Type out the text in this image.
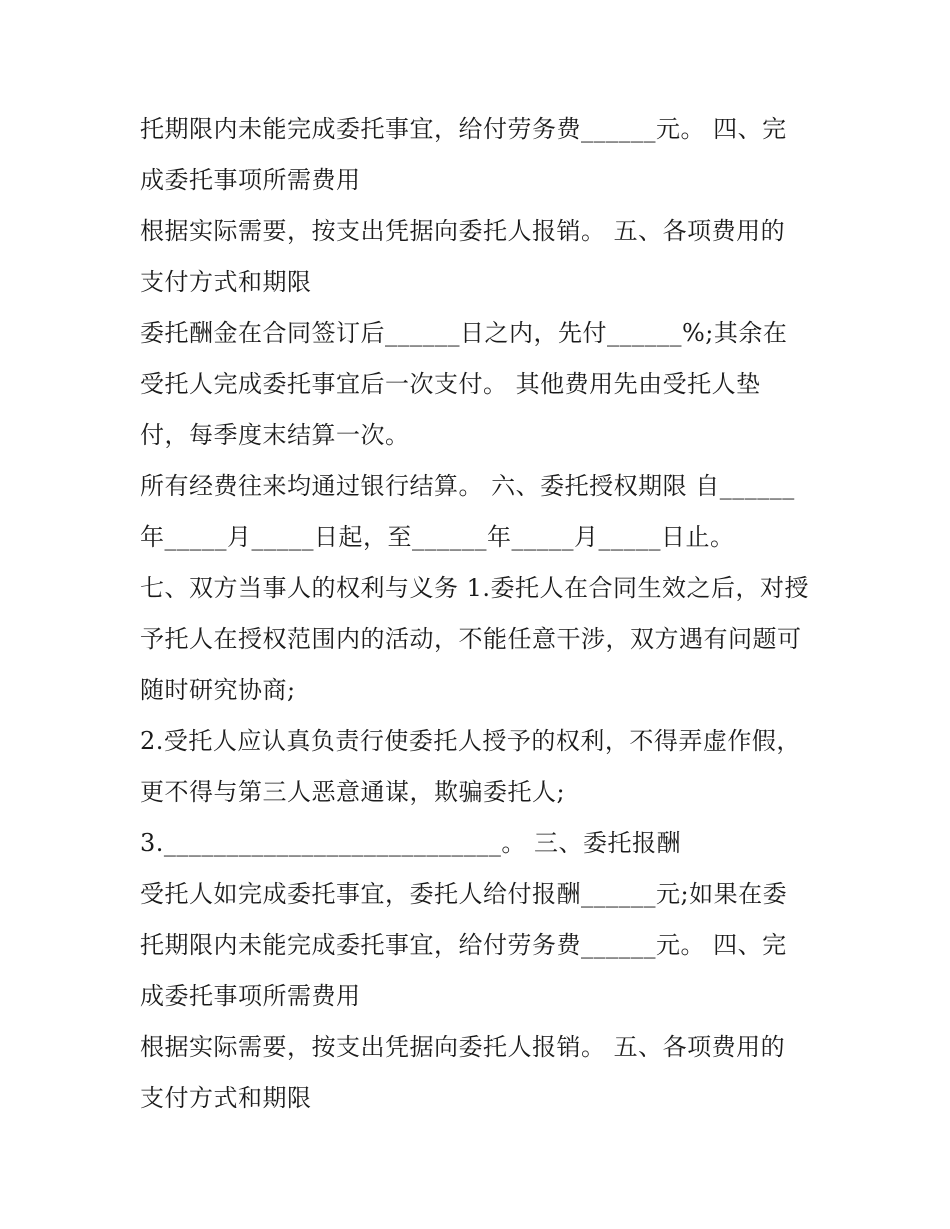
托期限内未能完成委托事宜，给付劳务费______元。 四、完
成委托事项所需费用
根据实际需要，按支出凭据向委托人报销。 五、各项费用的
支付方式和期限
委托酬金在合同签订后______日之内，先付______%;其余在
受托人完成委托事宜后一次支付。 其他费用先由受托人垫
付，每季度末结算一次。
所有经费往来均通过银行结算。 六、委托授权期限 自______
年_____月_____日起，至______年_____月_____日止。
七、双方当事人的权利与义务 1.委托人在合同生效之后，对授
予托人在授权范围内的活动，不能任意干涉，双方遇有问题可
随时研究协商;
2.受托人应认真负责行使委托人授予的权利，不得弄虚作假，
更不得与第三人恶意通谋，欺骗委托人;
3.___________________________。 三、委托报酬
受托人如完成委托事宜，委托人给付报酬______元;如果在委
托期限内未能完成委托事宜，给付劳务费______元。 四、完
成委托事项所需费用
根据实际需要，按支出凭据向委托人报销。 五、各项费用的
支付方式和期限
